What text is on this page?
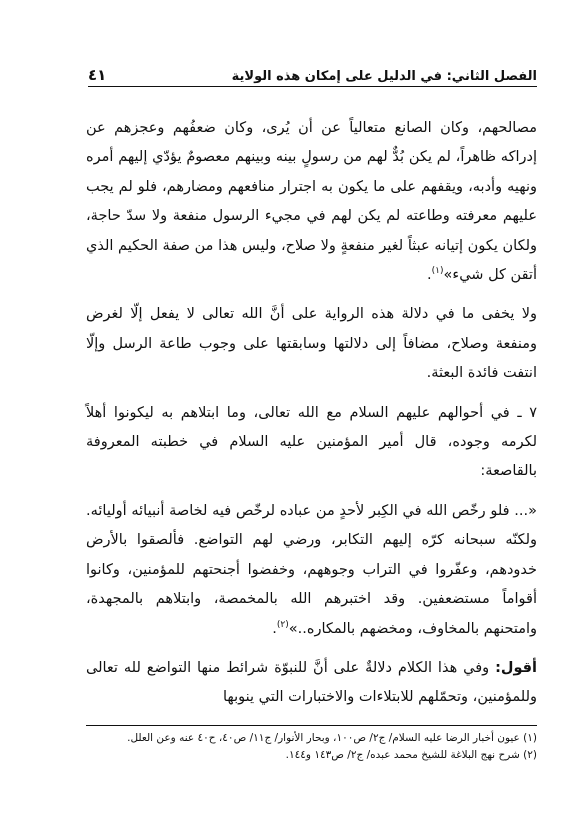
الفصل الثاني: في الدليل على إمكان هذه الولاية
٤١

مصالحهم، وكان الصانع متعالياً عن أن يُرى، وكان ضعفُهم وعجزهم عن إدراكه ظاهراً، لم يكن بُدٌّ لهم من رسولٍ بينه وبينهم معصومٌ يؤدّي إليهم أمره ونهيه وأدبه، ويقفهم على ما يكون به اجترار منافعهم ومضارهم، فلو لم يجب عليهم معرفته وطاعته لم يكن لهم في مجيء الرسول منفعة ولا سدّ حاجة، ولكان يكون إتيانه عبثاً لغير منفعةٍ ولا صلاح، وليس هذا من صفة الحكيم الذي أتقن كل شيء»$^{(١)}$.

ولا يخفى ما في دلالة هذه الرواية على أنَّ الله تعالى لا يفعل إلّا لغرض ومنفعة وصلاح، مضافاً إلى دلالتها وسابقتها على وجوب طاعة الرسل وإلّا انتفت فائدة البعثة.

٧ ـ في أحوالهم عليهم السلام مع الله تعالى، وما ابتلاهم به ليكونوا أهلاً لكرمه وجوده، قال أمير المؤمنين عليه السلام في خطبته المعروفة بالقاصعة:

«... فلو رخّص الله في الكِبر لأحدٍ من عباده لرخّص فيه لخاصة أنبيائه أوليائه. ولكنّه سبحانه كرّه إليهم التكابر، ورضي لهم التواضع. فألصقوا بالأرض خدودهم، وعفّروا في التراب وجوههم، وخفضوا أجنحتهم للمؤمنين، وكانوا أقواماً مستضعفين. وقد اختبرهم الله بالمخمصة، وابتلاهم بالمجهدة، وامتحنهم بالمخاوف، ومخضهم بالمكاره..»$^{(٢)}$.

أقول: وفي هذا الكلام دلالةٌ على أنَّ للنبوّة شرائط منها التواضع لله تعالى وللمؤمنين، وتحمّلهم للابتلاءات والاختبارات التي ينوبها

(١) عيون أخبار الرضا عليه السلام/ ج٢/ ص١٠٠، وبحار الأنوار/ ج١١/ ص٤٠، ح٤٠ عنه وعن العلل.
(٢) شرح نهج البلاغة للشيخ محمد عبده/ ج٢/ ص١٤٣ و١٤٤.
